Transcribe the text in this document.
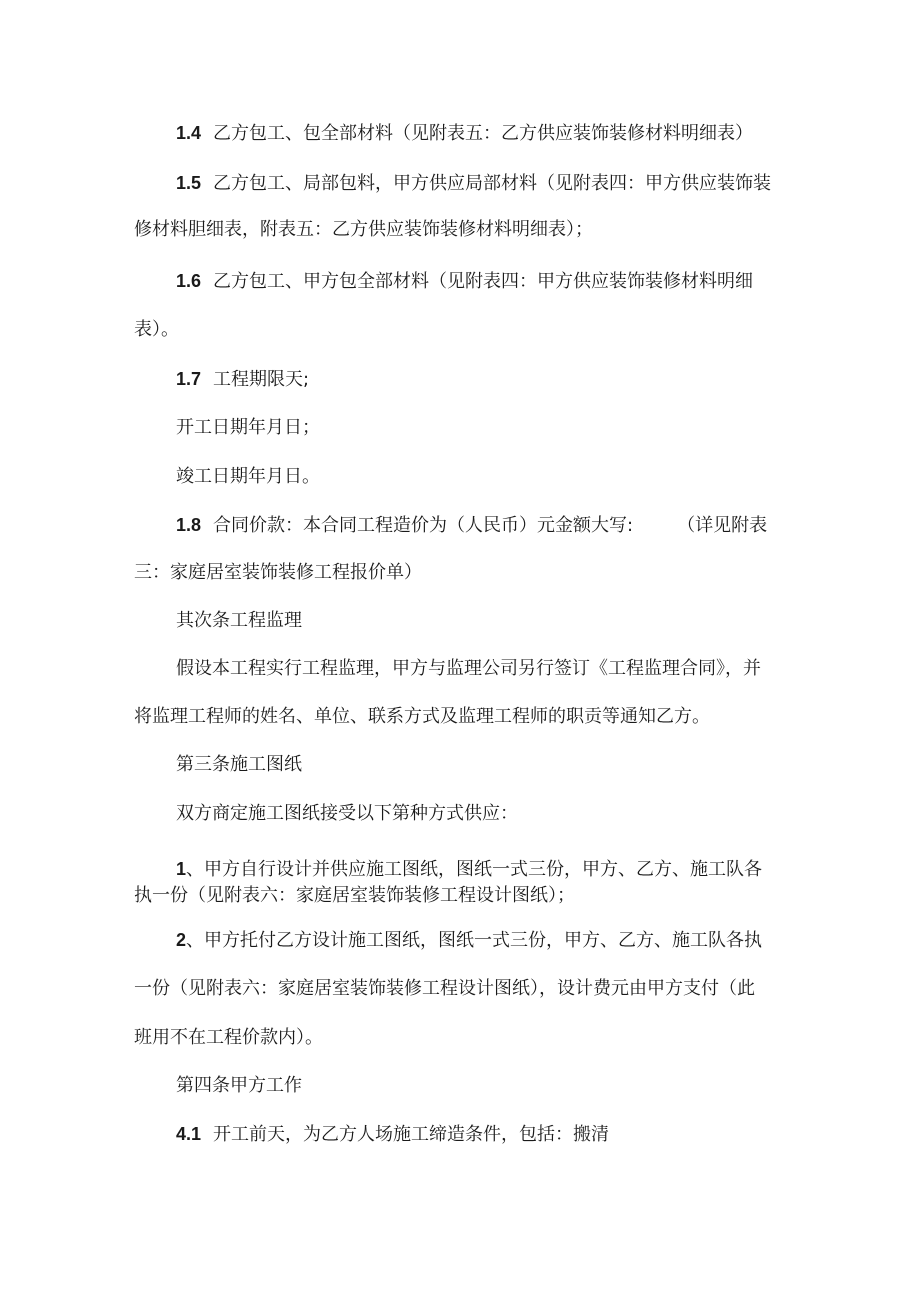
1.4 乙方包工、包全部材料（见附表五：乙方供应装饰装修材料明细表）
1.5 乙方包工、局部包料，甲方供应局部材料（见附表四：甲方供应装饰装
修材料胆细表，附表五：乙方供应装饰装修材料明细表）；
1.6 乙方包工、甲方包全部材料（见附表四：甲方供应装饰装修材料明细
表）。
1.7 工程期限天;
开工日期年月日；
竣工日期年月日。
1.8 合同价款：本合同工程造价为（人民币）元金额大写: （详见附表
三：家庭居室装饰装修工程报价单）
其次条工程监理
假设本工程实行工程监理，甲方与监理公司另行签订《工程监理合同》，并
将监理工程师的姓名、单位、联系方式及监理工程师的职贡等通知乙方。
第三条施工图纸
双方商定施工图纸接受以下第种方式供应：
1、甲方自行设计并供应施工图纸，图纸一式三份，甲方、乙方、施工队各
执一份（见附表六：家庭居室装饰装修工程设计图纸）；
2、甲方托付乙方设计施工图纸，图纸一式三份，甲方、乙方、施工队各执
一份（见附表六：家庭居室装饰装修工程设计图纸），设计费元由甲方支付（此
班用不在工程价款内）。
第四条甲方工作
4.1 开工前天，为乙方人场施工缔造条件，包括：搬清
